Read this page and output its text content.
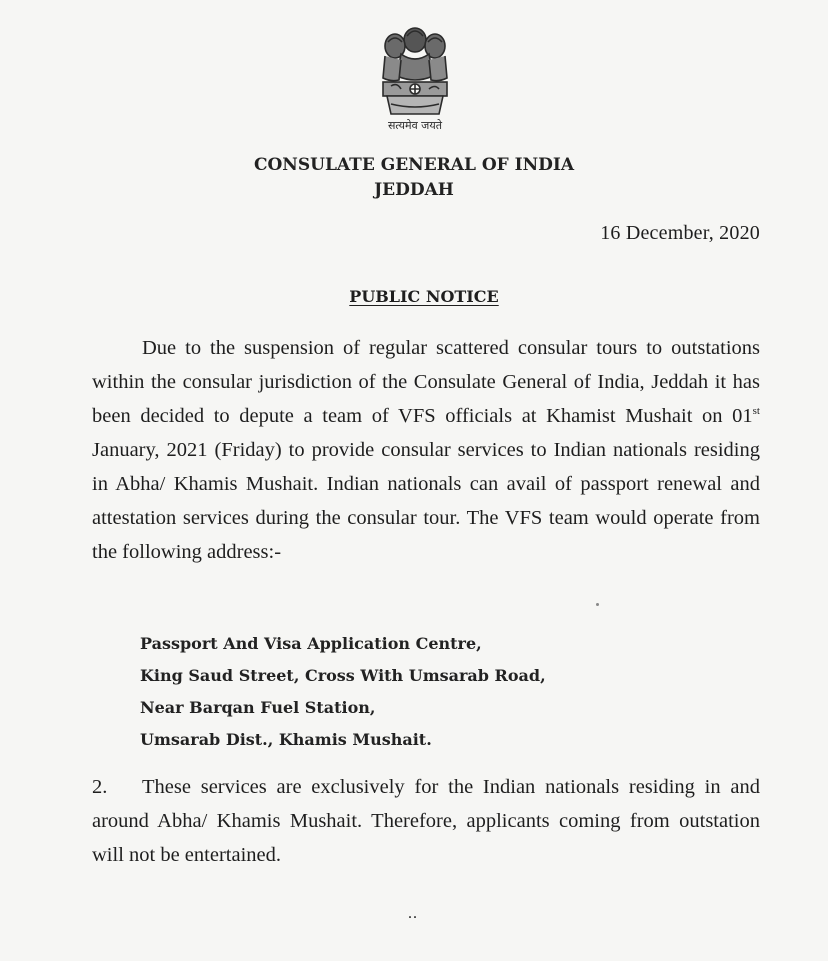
सत्यमेव जयते
CONSULATE GENERAL OF INDIA
JEDDAH
16 December, 2020
PUBLIC NOTICE
Due to the suspension of regular scattered consular tours to outstations within the consular jurisdiction of the Consulate General of India, Jeddah it has been decided to depute a team of VFS officials at Khamist Mushait on 01st January, 2021 (Friday) to provide consular services to Indian nationals residing in Abha/ Khamis Mushait. Indian nationals can avail of passport renewal and attestation services during the consular tour. The VFS team would operate from the following address:-
Passport And Visa Application Centre,
King Saud Street, Cross With Umsarab Road,
Near Barqan Fuel Station,
Umsarab Dist., Khamis Mushait.
2. These services are exclusively for the Indian nationals residing in and around Abha/ Khamis Mushait. Therefore, applicants coming from outstation will not be entertained.
..
